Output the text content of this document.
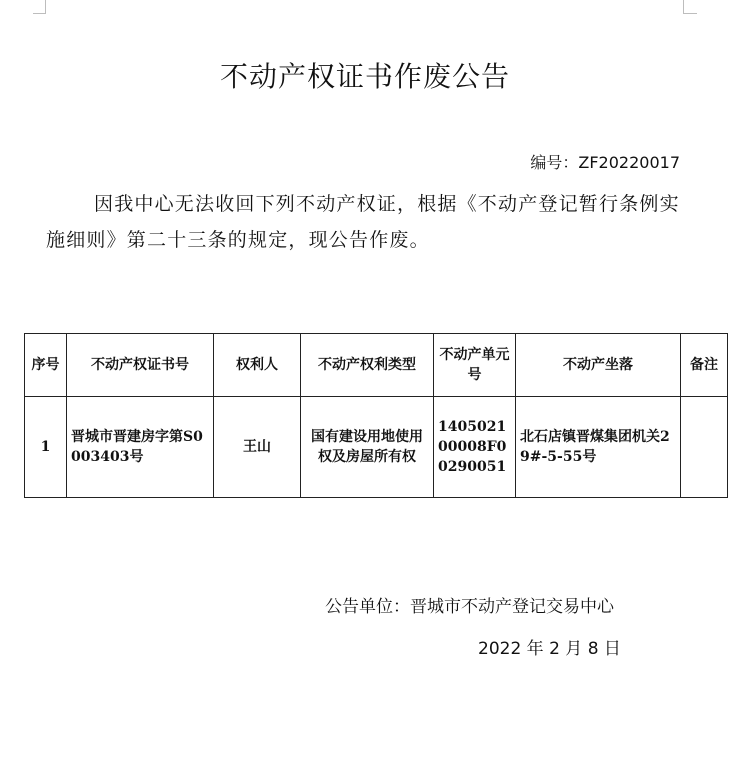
不动产权证书作废公告
编号：ZF20220017
因我中心无法收回下列不动产权证，根据《不动产登记暂行条例实施细则》第二十三条的规定，现公告作废。
序号	不动产权证书号	权利人	不动产权利类型	不动产单元号	不动产坐落	备注
1	晋城市晋建房字第S0003403号	王山	国有建设用地使用权及房屋所有权	140502100008F00290051	北石店镇晋煤集团机关29#-5-55号	
公告单位：晋城市不动产登记交易中心
2022 年 2 月 8 日
